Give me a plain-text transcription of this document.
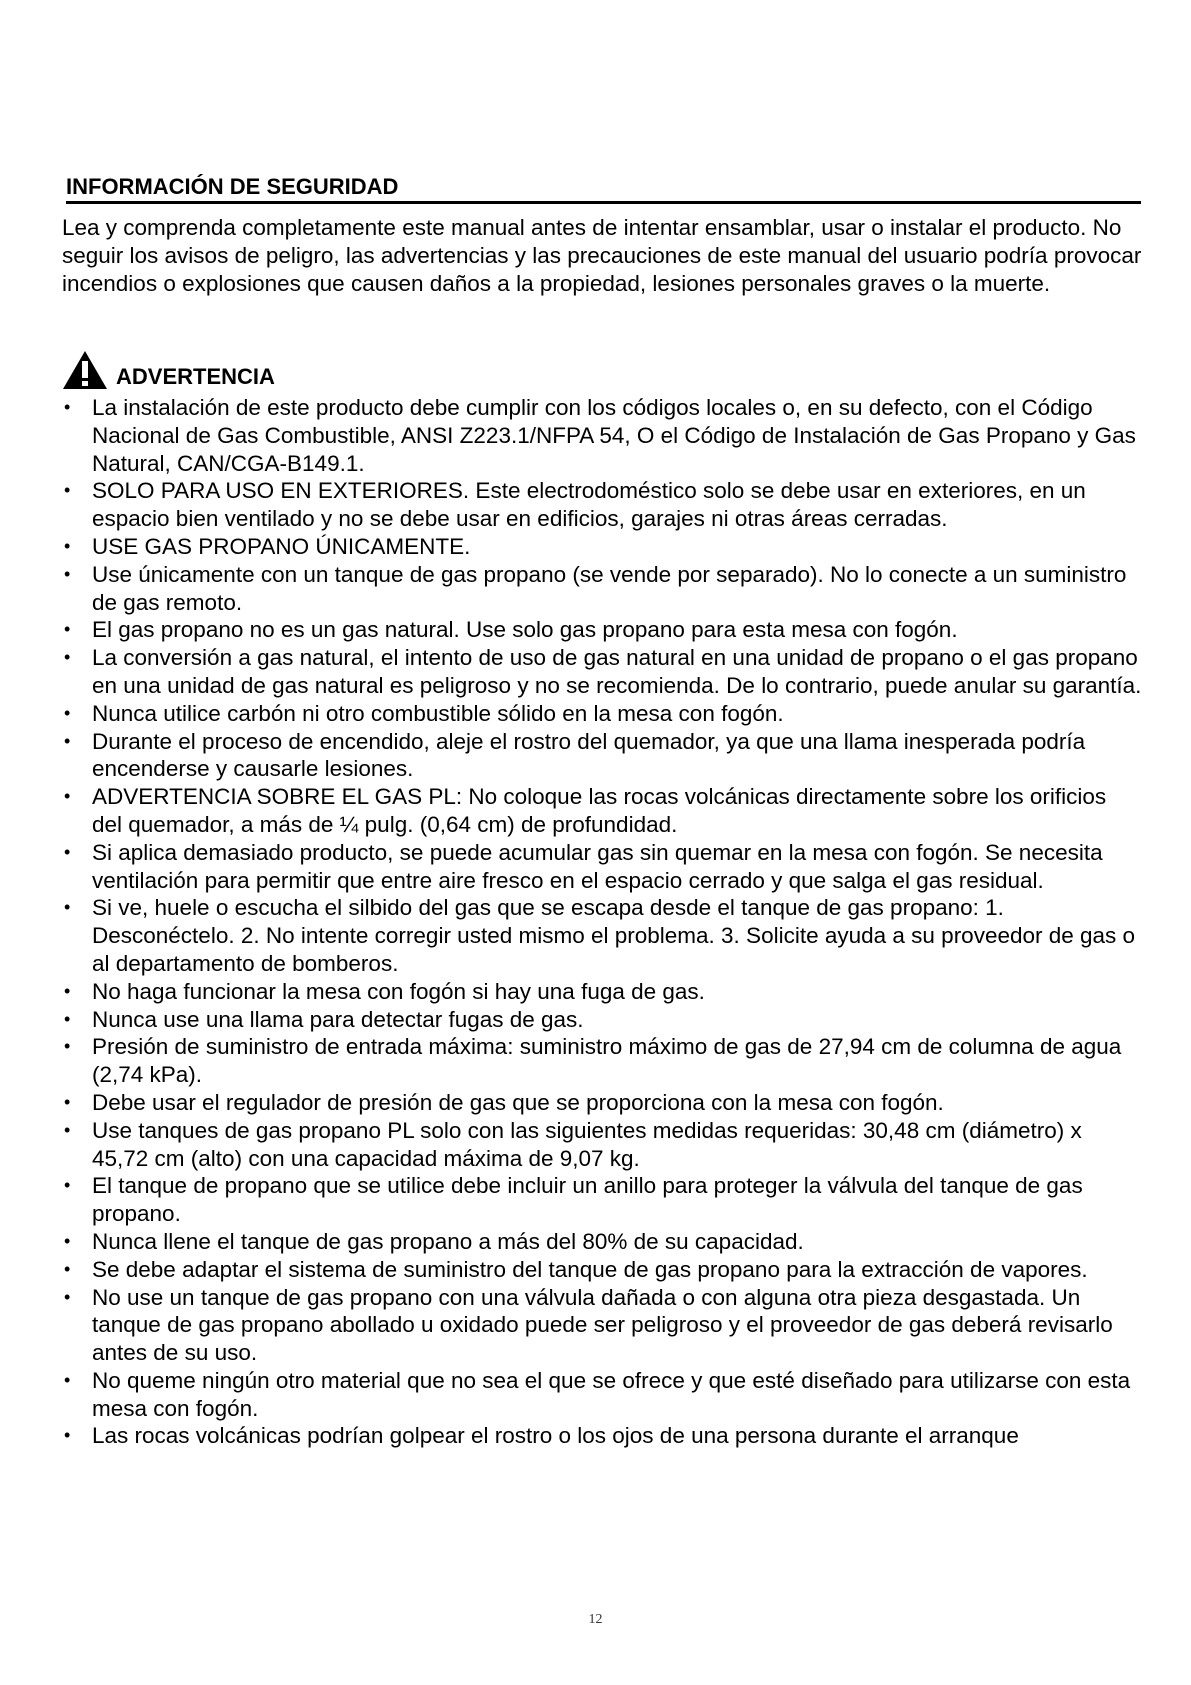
INFORMACIÓN DE SEGURIDAD

Lea y comprenda completamente este manual antes de intentar ensamblar, usar o instalar el producto. No seguir los avisos de peligro, las advertencias y las precauciones de este manual del usuario podría provocar incendios o explosiones que causen daños a la propiedad, lesiones personales graves o la muerte.

ADVERTENCIA
• La instalación de este producto debe cumplir con los códigos locales o, en su defecto, con el Código Nacional de Gas Combustible, ANSI Z223.1/NFPA 54, O el Código de Instalación de Gas Propano y Gas Natural, CAN/CGA-B149.1.
• SOLO PARA USO EN EXTERIORES. Este electrodoméstico solo se debe usar en exteriores, en un espacio bien ventilado y no se debe usar en edificios, garajes ni otras áreas cerradas.
• USE GAS PROPANO ÚNICAMENTE.
• Use únicamente con un tanque de gas propano (se vende por separado). No lo conecte a un suministro de gas remoto.
• El gas propano no es un gas natural. Use solo gas propano para esta mesa con fogón.
• La conversión a gas natural, el intento de uso de gas natural en una unidad de propano o el gas propano en una unidad de gas natural es peligroso y no se recomienda. De lo contrario, puede anular su garantía.
• Nunca utilice carbón ni otro combustible sólido en la mesa con fogón.
• Durante el proceso de encendido, aleje el rostro del quemador, ya que una llama inesperada podría encenderse y causarle lesiones.
• ADVERTENCIA SOBRE EL GAS PL: No coloque las rocas volcánicas directamente sobre los orificios del quemador, a más de ¼ pulg. (0,64 cm) de profundidad.
• Si aplica demasiado producto, se puede acumular gas sin quemar en la mesa con fogón. Se necesita ventilación para permitir que entre aire fresco en el espacio cerrado y que salga el gas residual.
• Si ve, huele o escucha el silbido del gas que se escapa desde el tanque de gas propano: 1. Desconéctelo. 2. No intente corregir usted mismo el problema. 3. Solicite ayuda a su proveedor de gas o al departamento de bomberos.
• No haga funcionar la mesa con fogón si hay una fuga de gas.
• Nunca use una llama para detectar fugas de gas.
• Presión de suministro de entrada máxima: suministro máximo de gas de 27,94 cm de columna de agua (2,74 kPa).
• Debe usar el regulador de presión de gas que se proporciona con la mesa con fogón.
• Use tanques de gas propano PL solo con las siguientes medidas requeridas: 30,48 cm (diámetro) x 45,72 cm (alto) con una capacidad máxima de 9,07 kg.
• El tanque de propano que se utilice debe incluir un anillo para proteger la válvula del tanque de gas propano.
• Nunca llene el tanque de gas propano a más del 80% de su capacidad.
• Se debe adaptar el sistema de suministro del tanque de gas propano para la extracción de vapores.
• No use un tanque de gas propano con una válvula dañada o con alguna otra pieza desgastada. Un tanque de gas propano abollado u oxidado puede ser peligroso y el proveedor de gas deberá revisarlo antes de su uso.
• No queme ningún otro material que no sea el que se ofrece y que esté diseñado para utilizarse con esta mesa con fogón.
• Las rocas volcánicas podrían golpear el rostro o los ojos de una persona durante el arranque
12
